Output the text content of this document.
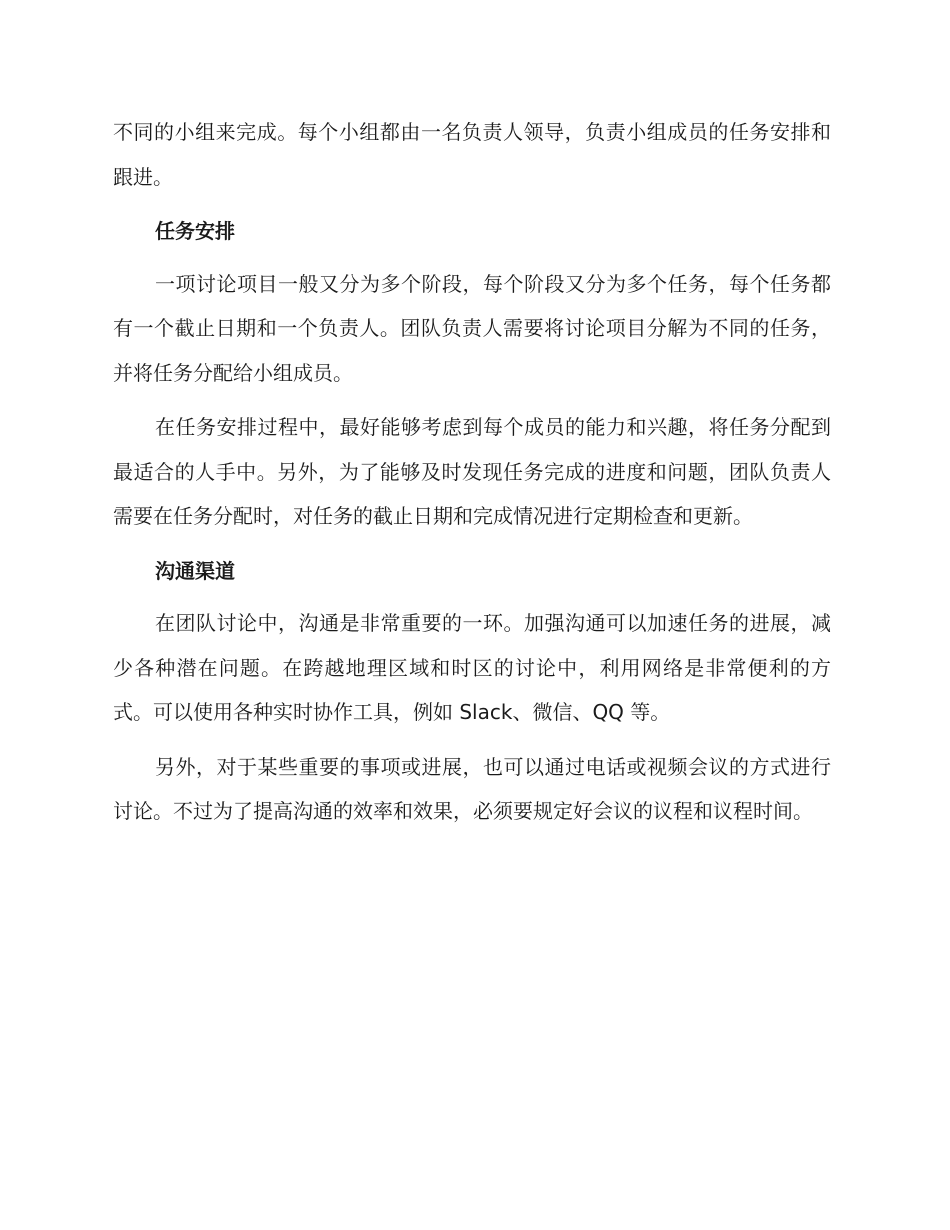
不同的小组来完成。每个小组都由一名负责人领导，负责小组成员的任务安排和跟进。

任务安排

一项讨论项目一般又分为多个阶段，每个阶段又分为多个任务，每个任务都有一个截止日期和一个负责人。团队负责人需要将讨论项目分解为不同的任务，并将任务分配给小组成员。

在任务安排过程中，最好能够考虑到每个成员的能力和兴趣，将任务分配到最适合的人手中。另外，为了能够及时发现任务完成的进度和问题，团队负责人需要在任务分配时，对任务的截止日期和完成情况进行定期检查和更新。

沟通渠道

在团队讨论中，沟通是非常重要的一环。加强沟通可以加速任务的进展，减少各种潜在问题。在跨越地理区域和时区的讨论中，利用网络是非常便利的方式。可以使用各种实时协作工具，例如 Slack、微信、QQ 等。

另外，对于某些重要的事项或进展，也可以通过电话或视频会议的方式进行讨论。不过为了提高沟通的效率和效果，必须要规定好会议的议程和议程时间。
